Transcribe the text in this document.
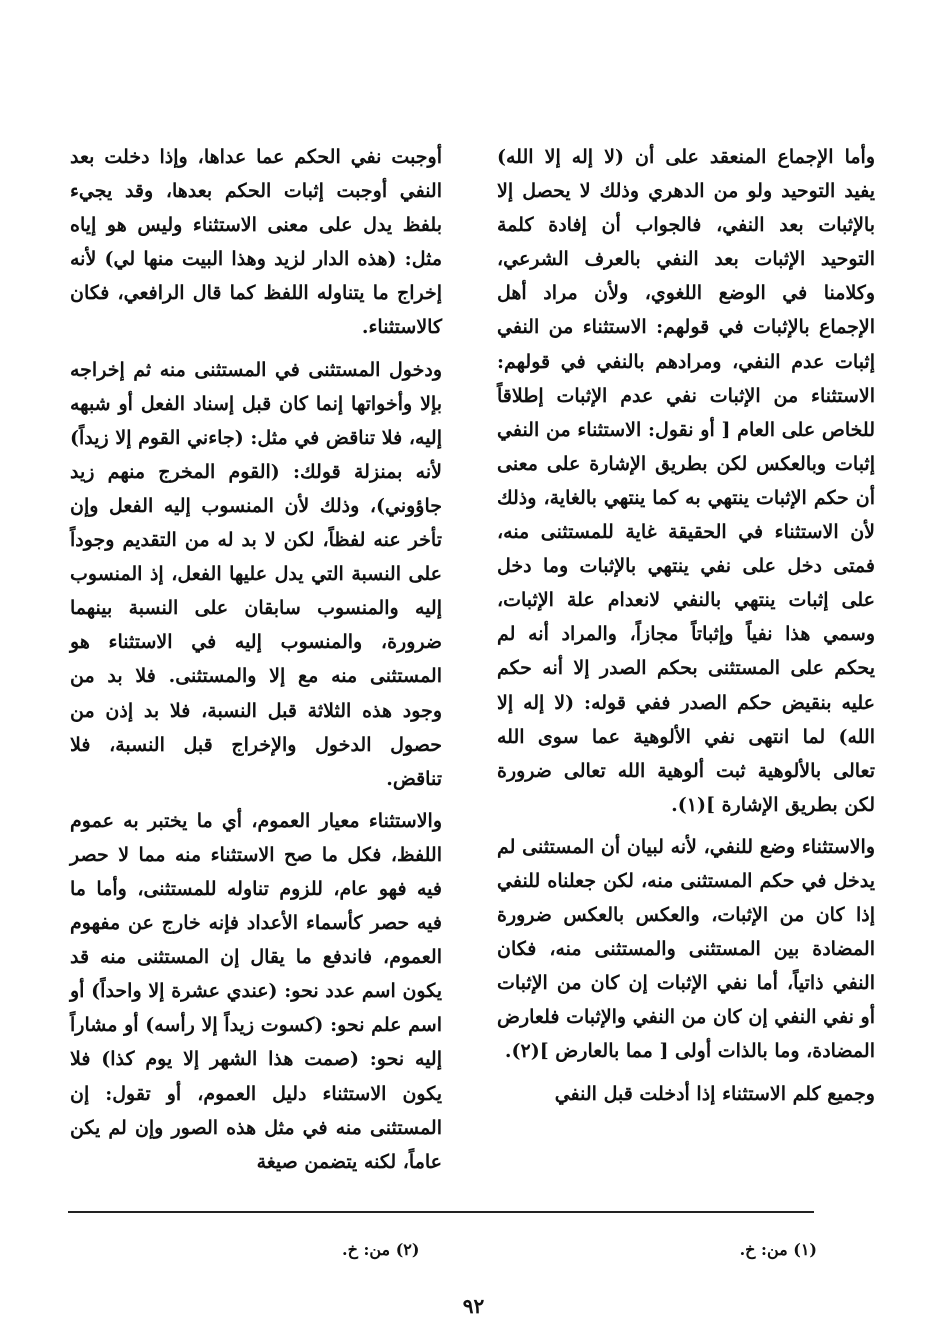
وأما الإجماع المنعقد على أن (لا إله إلا الله) يفيد التوحيد ولو من الدهري وذلك لا يحصل إلا بالإثبات بعد النفي، فالجواب أن إفادة كلمة التوحيد الإثبات بعد النفي بالعرف الشرعي، وكلامنا في الوضع اللغوي، ولأن مراد أهل الإجماع بالإثبات في قولهم: الاستثناء من النفي إثبات عدم النفي، ومرادهم بالنفي في قولهم: الاستثناء من الإثبات نفي عدم الإثبات إطلاقاً للخاص على العام [ أو نقول: الاستثناء من النفي إثبات وبالعكس لكن بطريق الإشارة على معنى أن حكم الإثبات ينتهي به كما ينتهي بالغاية، وذلك لأن الاستثناء في الحقيقة غاية للمستثنى منه، فمتى دخل على نفي ينتهي بالإثبات وما دخل على إثبات ينتهي بالنفي لانعدام علة الإثبات، وسمي هذا نفياً وإثباتاً مجازاً، والمراد أنه لم يحكم على المستثنى بحكم الصدر إلا أنه حكم عليه بنقيض حكم الصدر ففي قوله: (لا إله إلا الله) لما انتهى نفي الألوهية عما سوى الله تعالى بالألوهية ثبت ألوهية الله تعالى ضرورة لكن بطريق الإشارة ](١).

والاستثناء وضع للنفي، لأنه لبيان أن المستثنى لم يدخل في حكم المستثنى منه، لكن جعلناه للنفي إذا كان من الإثبات، والعكس بالعكس ضرورة المضادة بين المستثنى والمستثنى منه، فكان النفي ذاتياً، أما نفي الإثبات إن كان من الإثبات أو نفي النفي إن كان من النفي والإثبات فلعارض المضادة، وما بالذات أولى [ مما بالعارض ](٢).

وجميع كلم الاستثناء إذا أدخلت قبل النفي

أوجبت نفي الحكم عما عداها، وإذا دخلت بعد النفي أوجبت إثبات الحكم بعدها، وقد يجيء بلفظ يدل على معنى الاستثناء وليس هو إياه مثل: (هذه الدار لزيد وهذا البيت منها لي) لأنه إخراج ما يتناوله اللفظ كما قال الرافعي، فكان كالاستثناء.

ودخول المستثنى في المستثنى منه ثم إخراجه بإلا وأخواتها إنما كان قبل إسناد الفعل أو شبهه إليه، فلا تناقض في مثل: (جاءني القوم إلا زيداً) لأنه بمنزلة قولك: (القوم المخرج منهم زيد جاؤوني)، وذلك لأن المنسوب إليه الفعل وإن تأخر عنه لفظاً، لكن لا بد له من التقديم وجوداً على النسبة التي يدل عليها الفعل، إذ المنسوب إليه والمنسوب سابقان على النسبة بينهما ضرورة، والمنسوب إليه في الاستثناء هو المستثنى منه مع إلا والمستثنى. فلا بد من وجود هذه الثلاثة قبل النسبة، فلا بد إذن من حصول الدخول والإخراج قبل النسبة، فلا تناقض.

والاستثناء معيار العموم، أي ما يختبر به عموم اللفظ، فكل ما صح الاستثناء منه مما لا حصر فيه فهو عام، للزوم تناوله للمستثنى، وأما ما فيه حصر كأسماء الأعداد فإنه خارج عن مفهوم العموم، فاندفع ما يقال إن المستثنى منه قد يكون اسم عدد نحو: (عندي عشرة إلا واحداً) أو اسم علم نحو: (كسوت زيداً إلا رأسه) أو مشاراً إليه نحو: (صمت هذا الشهر إلا يوم كذا) فلا يكون الاستثناء دليل العموم، أو تقول: إن المستثنى منه في مثل هذه الصور وإن لم يكن عاماً، لكنه يتضمن صيغة

(١) من: خ.
(٢) من: خ.
٩٢
